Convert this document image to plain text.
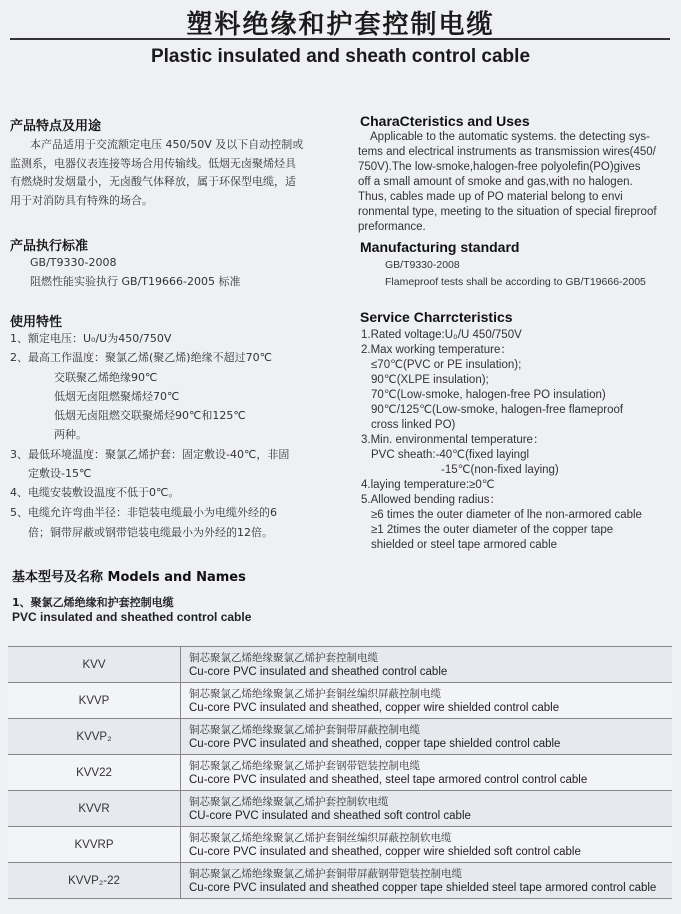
塑料绝缘和护套控制电缆
Plastic insulated and sheath control cable
产品特点及用途
本产品适用于交流额定电压 450/50V 及以下自动控制或
监测系，电器仪表连接等场合用传输线。低烟无卤聚烯烃具
有燃烧时发烟量小，无卤酸气体释放，属于环保型电缆，适
用于对消防具有特殊的场合。
产品执行标准
GB/T9330-2008
阻燃性能实验执行 GB/T19666-2005 标准
使用特性
1、额定电压：U₀/U为450/750V
2、最高工作温度：聚氯乙烯(聚乙烯)绝缘不超过70℃
交联聚乙烯绝缘90℃
低烟无卤阻燃聚烯烃70℃
低烟无卤阻燃交联聚烯烃90℃和125℃
两种。
3、最低环境温度：聚氯乙烯护套：固定敷设-40℃，非固
定敷设-15℃
4、电缆安装敷设温度不低于0℃。
5、电缆允许弯曲半径：非铠装电缆最小为电缆外经的6
倍；铜带屏蔽或钢带铠装电缆最小为外经的12倍。
CharaCteristics and Uses
Applicable to the automatic systems. the detecting sys-
tems and electrical instruments as transmission wires(450/
750V).The low-smoke,halogen-free polyolefin(PO)gives
off a small amount of smoke and gas,with no halogen.
Thus, cables made up of PO material belong to envi
ronmental type, meeting to the situation of special fireproof
preformance.
Manufacturing standard
GB/T9330-2008
Flameproof tests shall be according to GB/T19666-2005
Service Charrcteristics
1.Rated voltage:U₀/U 450/750V
2.Max working temperature：
≤70℃(PVC or PE insulation);
90℃(XLPE insulation);
70℃(Low-smoke, halogen-free PO insulation)
90℃/125℃(Low-smoke, halogen-free flameproof
cross linked PO)
3.Min. environmental temperature：
PVC sheath:-40℃(fixed layingl
-15℃(non-fixed laying)
4.laying temperature:≥0℃
5.Allowed bending radius：
≥6 times the outer diameter of lhe non-armored cable
≥1 2times the outer diameter of the copper tape
shielded or steel tape armored cable
基本型号及名称 Models and Names
1、聚氯乙烯绝缘和护套控制电缆
PVC insulated and sheathed control cable
KVV	铜芯聚氯乙烯绝缘聚氯乙烯护套控制电缆
Cu-core PVC insulated and sheathed control cable

KVVP	铜芯聚氯乙烯绝缘聚氯乙烯护套铜丝编织屏蔽控制电缆
Cu-core PVC insulated and sheathed, copper wire shielded control cable

KVVP₂	铜芯聚氯乙烯绝缘聚氯乙烯护套铜带屏蔽控制电缆
Cu-core PVC insulated and sheathed, copper tape shielded control cable

KVV22	铜芯聚氯乙烯绝缘聚氯乙烯护套钢带铠装控制电缆
Cu-core PVC insulated and sheathed, steel tape armored control control cable

KVVR	铜芯聚氯乙烯绝缘聚氯乙烯护套控制软电缆
CU-core PVC insulated and sheathed soft control cable

KVVRP	铜芯聚氯乙烯绝缘聚氯乙烯护套铜丝编织屏蔽控制软电缆
Cu-core PVC insulated and sheathed, copper wire shielded soft control cable

KVVP₂-22	铜芯聚氯乙烯绝缘聚氯乙烯护套铜带屏蔽钢带铠装控制电缆
Cu-core PVC insulated and sheathed copper tape shielded steel tape armored control cable
